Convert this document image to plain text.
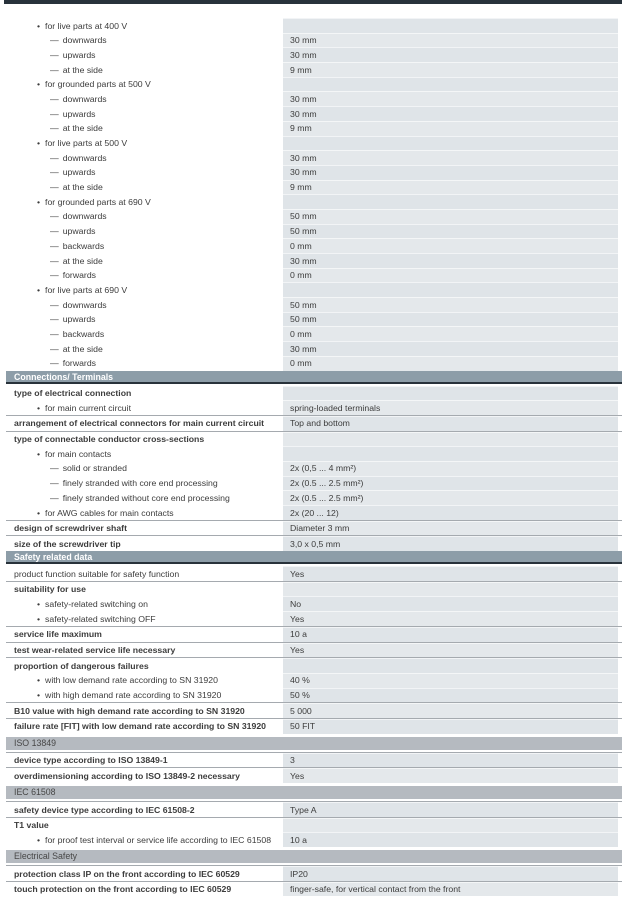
• for live parts at 400 V
— downwards	30 mm
— upwards	30 mm
— at the side	9 mm
• for grounded parts at 500 V
— downwards	30 mm
— upwards	30 mm
— at the side	9 mm
• for live parts at 500 V
— downwards	30 mm
— upwards	30 mm
— at the side	9 mm
• for grounded parts at 690 V
— downwards	50 mm
— upwards	50 mm
— backwards	0 mm
— at the side	30 mm
— forwards	0 mm
• for live parts at 690 V
— downwards	50 mm
— upwards	50 mm
— backwards	0 mm
— at the side	30 mm
— forwards	0 mm
Connections/ Terminals
type of electrical connection
• for main current circuit	spring-loaded terminals
arrangement of electrical connectors for main current circuit	Top and bottom
type of connectable conductor cross-sections
• for main contacts
— solid or stranded	2x (0,5 ... 4 mm²)
— finely stranded with core end processing	2x (0.5 ... 2.5 mm²)
— finely stranded without core end processing	2x (0.5 ... 2.5 mm²)
• for AWG cables for main contacts	2x (20 ... 12)
design of screwdriver shaft	Diameter 3 mm
size of the screwdriver tip	3,0 x 0,5 mm
Safety related data
product function suitable for safety function	Yes
suitability for use
• safety-related switching on	No
• safety-related switching OFF	Yes
service life maximum	10 a
test wear-related service life necessary	Yes
proportion of dangerous failures
• with low demand rate according to SN 31920	40 %
• with high demand rate according to SN 31920	50 %
B10 value with high demand rate according to SN 31920	5 000
failure rate [FIT] with low demand rate according to SN 31920	50 FIT
ISO 13849
device type according to ISO 13849-1	3
overdimensioning according to ISO 13849-2 necessary	Yes
IEC 61508
safety device type according to IEC 61508-2	Type A
T1 value
• for proof test interval or service life according to IEC 61508	10 a
Electrical Safety
protection class IP on the front according to IEC 60529	IP20
touch protection on the front according to IEC 60529	finger-safe, for vertical contact from the front
